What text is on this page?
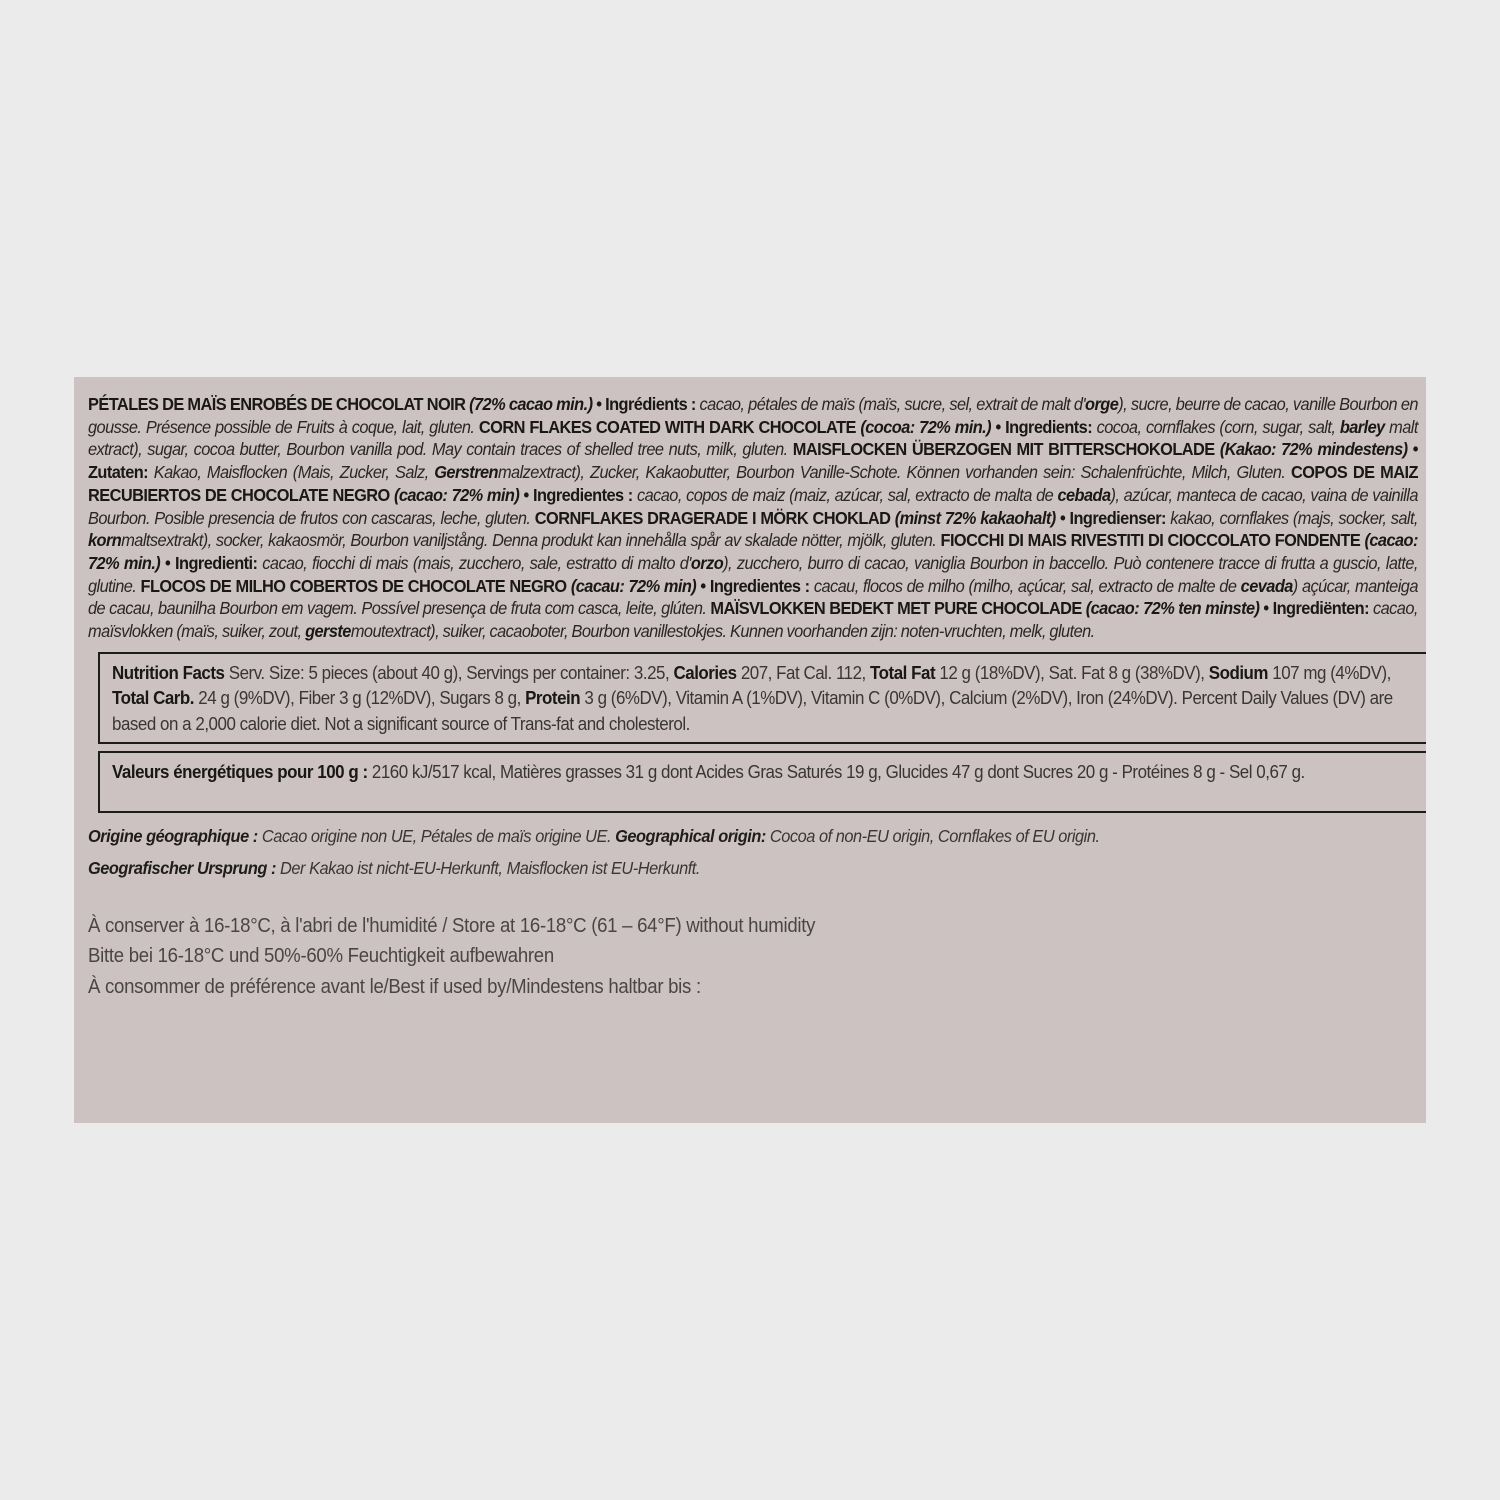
PÉTALES DE MAÏS ENROBÉS DE CHOCOLAT NOIR (72% cacao min.) • Ingrédients : cacao, pétales de maïs (maïs, sucre, sel, extrait de malt d'orge), sucre, beurre de cacao, vanille Bourbon en gousse. Présence possible de Fruits à coque, lait, gluten. CORN FLAKES COATED WITH DARK CHOCOLATE (cocoa: 72% min.) • Ingredients: cocoa, cornflakes (corn, sugar, salt, barley malt extract), sugar, cocoa butter, Bourbon vanilla pod. May contain traces of shelled tree nuts, milk, gluten. MAISFLOCKEN ÜBERZOGEN MIT BITTERSCHOKOLADE (Kakao: 72% mindestens) • Zutaten: Kakao, Maisflocken (Mais, Zucker, Salz, Gerstrenmalzextract), Zucker, Kakaobutter, Bourbon Vanille-Schote. Können vorhanden sein: Schalenfrüchte, Milch, Gluten. COPOS DE MAIZ RECUBIERTOS DE CHOCOLATE NEGRO (cacao: 72% min) • Ingredientes : cacao, copos de maiz (maiz, azúcar, sal, extracto de malta de cebada), azúcar, manteca de cacao, vaina de vainilla Bourbon. Posible presencia de frutos con cascaras, leche, gluten. CORNFLAKES DRAGERADE I MÖRK CHOKLAD (minst 72% kakaohalt) • Ingredienser: kakao, cornflakes (majs, socker, salt, kornmaltsextrakt), socker, kakaosmör, Bourbon vaniljstång. Denna produkt kan innehålla spår av skalade nötter, mjölk, gluten. FIOCCHI DI MAIS RIVESTITI DI CIOCCOLATO FONDENTE (cacao: 72% min.) • Ingredienti: cacao, fiocchi di mais (mais, zucchero, sale, estratto di malto d'orzo), zucchero, burro di cacao, vaniglia Bourbon in baccello. Può contenere tracce di frutta a guscio, latte, glutine. FLOCOS DE MILHO COBERTOS DE CHOCOLATE NEGRO (cacau: 72% min) • Ingredientes : cacau, flocos de milho (milho, açúcar, sal, extracto de malte de cevada) açúcar, manteiga de cacau, baunilha Bourbon em vagem. Possível presença de fruta com casca, leite, glúten. MAÏSVLOKKEN BEDEKT MET PURE CHOCOLADE (cacao: 72% ten minste) • Ingrediënten: cacao, maïsvlokken (maïs, suiker, zout, gerstemoutextract), suiker, cacaoboter, Bourbon vanillestokjes. Kunnen voorhanden zijn: noten-vruchten, melk, gluten.

Nutrition Facts Serv. Size: 5 pieces (about 40 g), Servings per container: 3.25, Calories 207, Fat Cal. 112, Total Fat 12 g (18%DV), Sat. Fat 8 g (38%DV), Sodium 107 mg (4%DV), Total Carb. 24 g (9%DV), Fiber 3 g (12%DV), Sugars 8 g, Protein 3 g (6%DV), Vitamin A (1%DV), Vitamin C (0%DV), Calcium (2%DV), Iron (24%DV). Percent Daily Values (DV) are based on a 2,000 calorie diet. Not a significant source of Trans-fat and cholesterol.
Valeurs énergétiques pour 100 g : 2160 kJ/517 kcal, Matières grasses 31 g dont Acides Gras Saturés 19 g, Glucides 47 g dont Sucres 20 g - Protéines 8 g - Sel 0,67 g.
Origine géographique : Cacao origine non UE, Pétales de maïs origine UE. Geographical origin: Cocoa of non-EU origin, Cornflakes of EU origin.
Geografischer Ursprung : Der Kakao ist nicht-EU-Herkunft, Maisflocken ist EU-Herkunft.
À conserver à 16-18°C, à l'abri de l'humidité / Store at 16-18°C (61 – 64°F) without humidity
Bitte bei 16-18°C und 50%-60% Feuchtigkeit aufbewahren
À consommer de préférence avant le/Best if used by/Mindestens haltbar bis :
